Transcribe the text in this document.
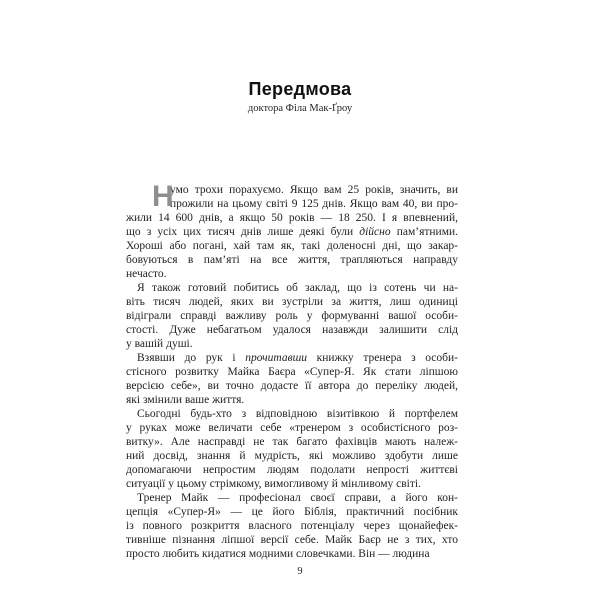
Передмова
доктора Філа Мак-Ґроу
Н
умо трохи порахуємо. Якщо вам 25 років, значить, ви
прожили на цьому світі 9 125 днів. Якщо вам 40, ви про-
жили 14 600 днів, а якщо 50 років — 18 250. І я впевнений,
що з усіх цих тисяч днів лише деякі були дійсно пам’ятними.
Хороші або погані, хай там як, такі доленосні дні, що закар-
бовуються в пам’яті на все життя, трапляються направду
нечасто.
Я також готовий побитись об заклад, що із сотень чи на-
віть тисяч людей, яких ви зустріли за життя, лиш одиниці
відіграли справді важливу роль у формуванні вашої особи-
стості. Дуже небагатьом удалося назавжди залишити слід
у вашій душі.
Взявши до рук і прочитавши книжку тренера з особи-
стісного розвитку Майка Баєра «Супер-Я. Як стати ліпшою
версією себе», ви точно додасте її автора до переліку людей,
які змінили ваше життя.
Сьогодні будь-хто з відповідною візитівкою й портфелем
у руках може величати себе «тренером з особистісного роз-
витку». Але насправді не так багато фахівців мають належ-
ний досвід, знання й мудрість, які можливо здобути лише
допомагаючи непростим людям подолати непрості життєві
ситуації у цьому стрімкому, вимогливому й мінливому світі.
Тренер Майк — професіонал своєї справи, а його кон-
цепція «Супер-Я» — це його Біблія, практичний посібник
із повного розкриття власного потенціалу через щонайефек-
тивніше пізнання ліпшої версії себе. Майк Баєр не з тих, хто
просто любить кидатися модними словечками. Він — людина
9
